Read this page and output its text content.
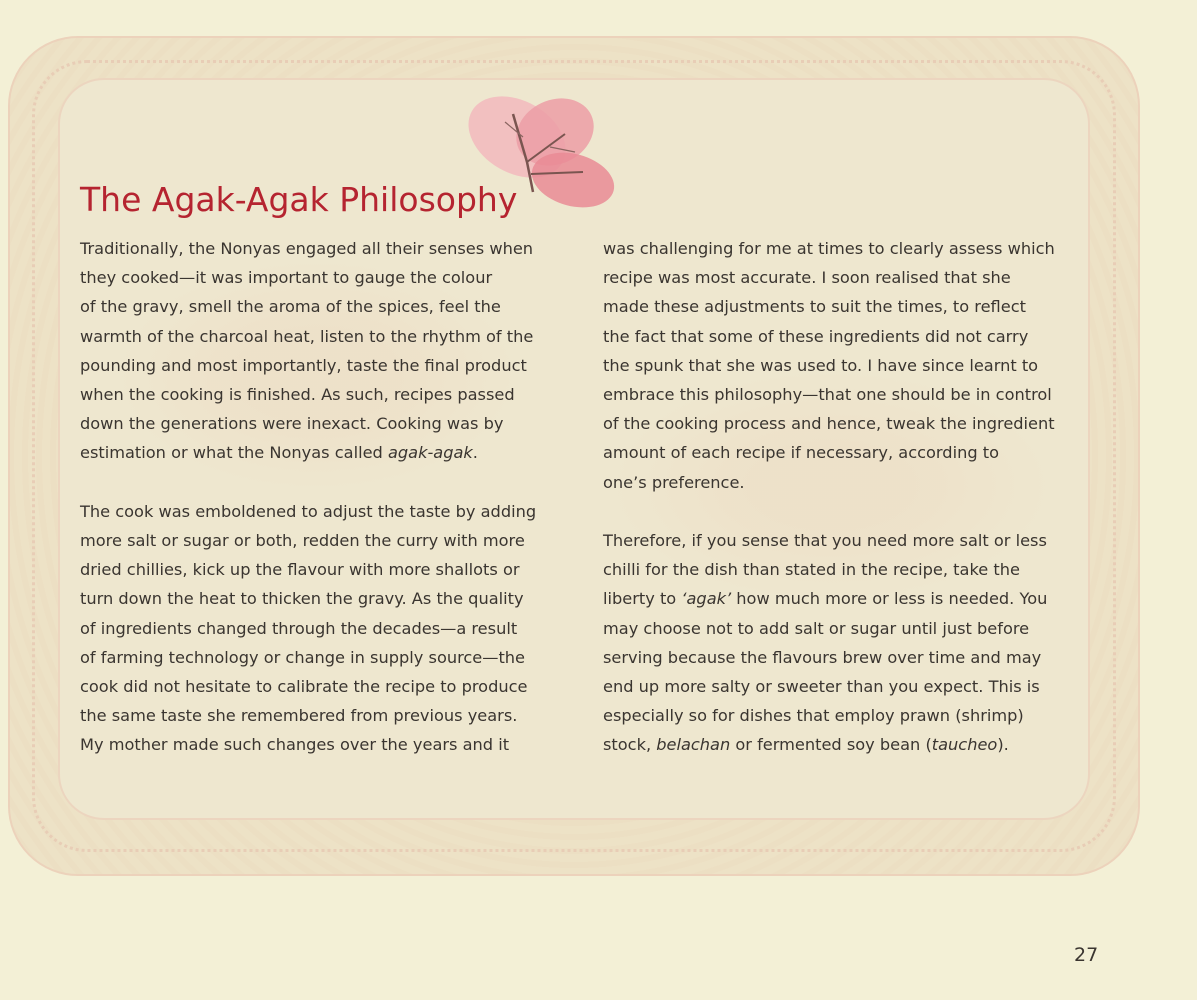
The Agak-Agak Philosophy
Traditionally, the Nonyas engaged all their senses when
they cooked—it was important to gauge the colour
of the gravy, smell the aroma of the spices, feel the
warmth of the charcoal heat, listen to the rhythm of the
pounding and most importantly, taste the final product
when the cooking is finished. As such, recipes passed
down the generations were inexact. Cooking was by
estimation or what the Nonyas called agak-agak.
The cook was emboldened to adjust the taste by adding
more salt or sugar or both, redden the curry with more
dried chillies, kick up the flavour with more shallots or
turn down the heat to thicken the gravy. As the quality
of ingredients changed through the decades—a result
of farming technology or change in supply source—the
cook did not hesitate to calibrate the recipe to produce
the same taste she remembered from previous years.
My mother made such changes over the years and it
was challenging for me at times to clearly assess which
recipe was most accurate. I soon realised that she
made these adjustments to suit the times, to reflect
the fact that some of these ingredients did not carry
the spunk that she was used to. I have since learnt to
embrace this philosophy—that one should be in control
of the cooking process and hence, tweak the ingredient
amount of each recipe if necessary, according to
one’s preference.
Therefore, if you sense that you need more salt or less
chilli for the dish than stated in the recipe, take the
liberty to ‘agak’ how much more or less is needed. You
may choose not to add salt or sugar until just before
serving because the flavours brew over time and may
end up more salty or sweeter than you expect. This is
especially so for dishes that employ prawn (shrimp)
stock, belachan or fermented soy bean (taucheo).
27
